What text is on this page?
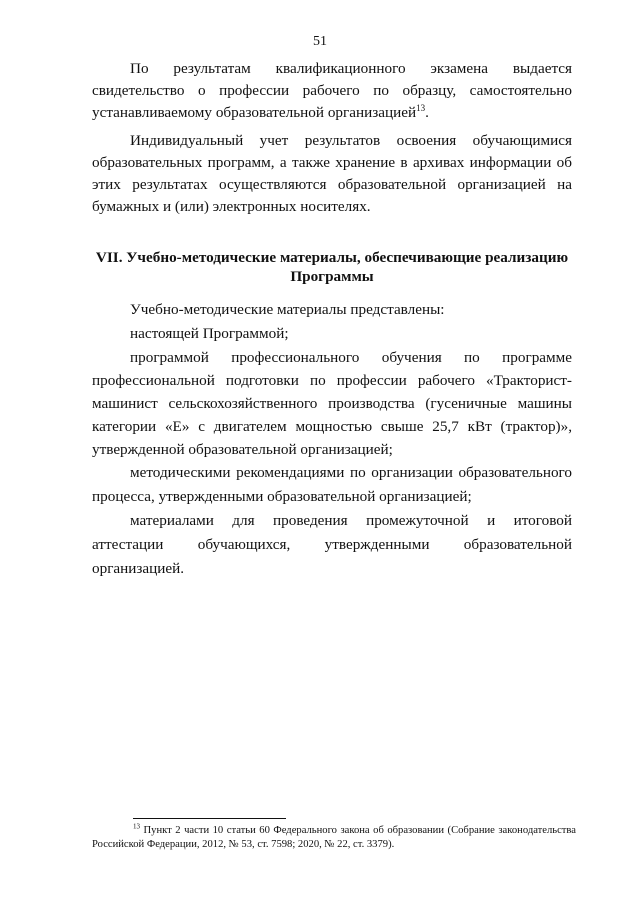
51

По результатам квалификационного экзамена выдается свидетельство о профессии рабочего по образцу, самостоятельно устанавливаемому образовательной организацией$^{13}$.

Индивидуальный учет результатов освоения обучающимися образовательных программ, а также хранение в архивах информации об этих результатах осуществляются образовательной организацией на бумажных и (или) электронных носителях.

VII. Учебно-методические материалы, обеспечивающие реализацию
Программы

Учебно-методические материалы представлены:

настоящей Программой;

программой профессионального обучения по программе профессиональной подготовки по профессии рабочего «Тракторист-машинист сельскохозяйственного производства (гусеничные машины категории «Е» с двигателем мощностью свыше 25,7 кВт (трактор)», утвержденной образовательной организацией;

методическими рекомендациями по организации образовательного процесса, утвержденными образовательной организацией;

материалами для проведения промежуточной и итоговой аттестации обучающихся, утвержденными образовательной организацией.

$^{13}$ Пункт 2 части 10 статьи 60 Федерального закона об образовании (Собрание законодательства Российской Федерации, 2012, № 53, ст. 7598; 2020, № 22, ст. 3379).
